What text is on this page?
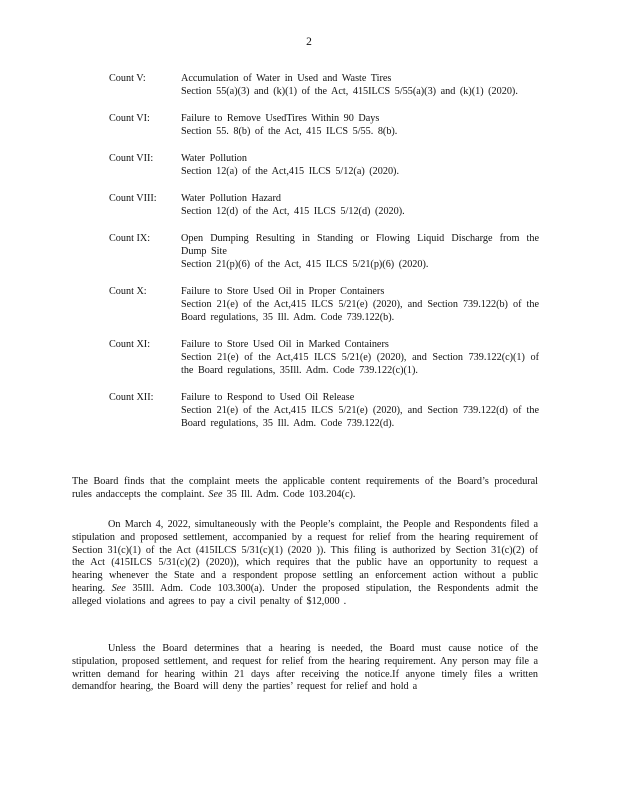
2
Count V:	Accumulation of Water in Used and Waste Tires
Section 55(a)(3) and (k)(1) of the Act, 415ILCS 5/55(a)(3) and (k)(1) (2020).
Count VI:	Failure to Remove UsedTires Within 90 Days
Section 55. 8(b) of the Act, 415 ILCS 5/55. 8(b).
Count VII:	Water Pollution
Section 12(a) of the Act,415 ILCS 5/12(a) (2020).
Count VIII:	Water Pollution Hazard
Section 12(d) of the Act, 415 ILCS 5/12(d) (2020).
Count IX:	Open Dumping Resulting in Standing or Flowing Liquid Discharge from the Dump Site
Section 21(p)(6) of the Act, 415 ILCS 5/21(p)(6) (2020).
Count X:	Failure to Store Used Oil in Proper Containers
Section 21(e) of the Act,415 ILCS 5/21(e) (2020), and Section 739.122(b) of the Board regulations, 35 Ill. Adm. Code 739.122(b).
Count XI:	Failure to Store Used Oil in Marked Containers
Section 21(e) of the Act,415 ILCS 5/21(e) (2020), and Section 739.122(c)(1) of the Board regulations, 35Ill. Adm. Code 739.122(c)(1).
Count XII:	Failure to Respond to Used Oil Release
Section 21(e) of the Act,415 ILCS 5/21(e) (2020), and Section 739.122(d) of the Board regulations, 35 Ill. Adm. Code 739.122(d).

The Board finds that the complaint meets the applicable content requirements of the Board’s procedural rules andaccepts the complaint. See 35 Ill. Adm. Code 103.204(c).

On March 4, 2022, simultaneously with the People’s complaint, the People and Respondents filed a stipulation and proposed settlement, accompanied by a request for relief from the hearing requirement of Section 31(c)(1) of the Act (415ILCS 5/31(c)(1) (2020 )). This filing is authorized by Section 31(c)(2) of the Act (415ILCS 5/31(c)(2) (2020)), which requires that the public have an opportunity to request a hearing whenever the State and a respondent propose settling an enforcement action without a public hearing. See 35Ill. Adm. Code 103.300(a). Under the proposed stipulation, the Respondents admit the alleged violations and agrees to pay a civil penalty of $12,000 .

Unless the Board determines that a hearing is needed, the Board must cause notice of the stipulation, proposed settlement, and request for relief from the hearing requirement. Any person may file a written demand for hearing within 21 days after receiving the notice.If anyone timely files a written demandfor hearing, the Board will deny the parties’ request for relief and hold a
